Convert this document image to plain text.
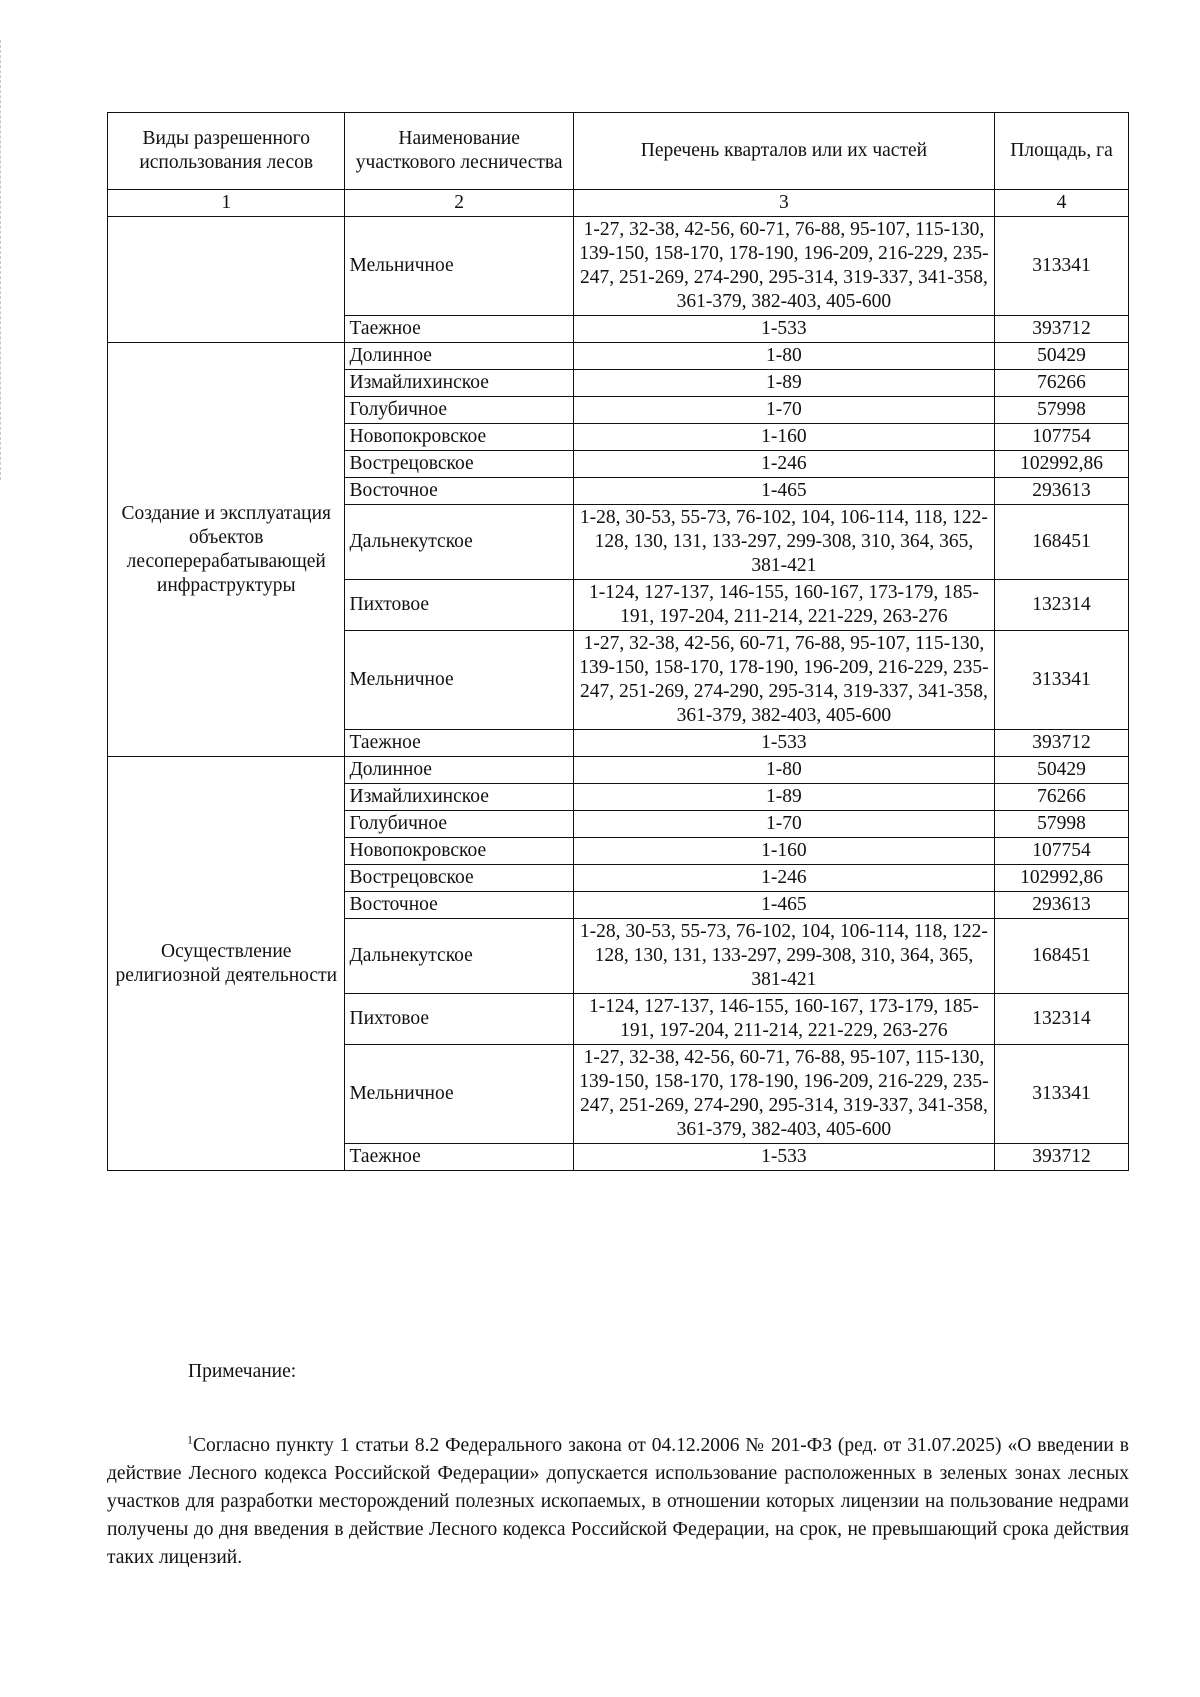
Виды разрешенного использования лесов	Наименование участкового лесничества	Перечень кварталов или их частей	Площадь, га
1	2	3	4
	Мельничное	1-27, 32-38, 42-56, 60-71, 76-88, 95-107, 115-130, 139-150, 158-170, 178-190, 196-209, 216-229, 235-247, 251-269, 274-290, 295-314, 319-337, 341-358, 361-379, 382-403, 405-600	313341
	Таежное	1-533	393712
Создание и эксплуатация объектов лесоперерабатывающей инфраструктуры	Долинное	1-80	50429
	Измайлихинское	1-89	76266
	Голубичное	1-70	57998
	Новопокровское	1-160	107754
	Вострецовское	1-246	102992,86
	Восточное	1-465	293613
	Дальнекутское	1-28, 30-53, 55-73, 76-102, 104, 106-114, 118, 122-128, 130, 131, 133-297, 299-308, 310, 364, 365, 381-421	168451
	Пихтовое	1-124, 127-137, 146-155, 160-167, 173-179, 185-191, 197-204, 211-214, 221-229, 263-276	132314
	Мельничное	1-27, 32-38, 42-56, 60-71, 76-88, 95-107, 115-130, 139-150, 158-170, 178-190, 196-209, 216-229, 235-247, 251-269, 274-290, 295-314, 319-337, 341-358, 361-379, 382-403, 405-600	313341
	Таежное	1-533	393712
Осуществление религиозной деятельности	Долинное	1-80	50429
	Измайлихинское	1-89	76266
	Голубичное	1-70	57998
	Новопокровское	1-160	107754
	Вострецовское	1-246	102992,86
	Восточное	1-465	293613
	Дальнекутское	1-28, 30-53, 55-73, 76-102, 104, 106-114, 118, 122-128, 130, 131, 133-297, 299-308, 310, 364, 365, 381-421	168451
	Пихтовое	1-124, 127-137, 146-155, 160-167, 173-179, 185-191, 197-204, 211-214, 221-229, 263-276	132314
	Мельничное	1-27, 32-38, 42-56, 60-71, 76-88, 95-107, 115-130, 139-150, 158-170, 178-190, 196-209, 216-229, 235-247, 251-269, 274-290, 295-314, 319-337, 341-358, 361-379, 382-403, 405-600	313341
	Таежное	1-533	393712
Примечание:

$^1$Согласно пункту 1 статьи 8.2 Федерального закона от 04.12.2006 № 201-ФЗ (ред. от 31.07.2025) «О введении в действие Лесного кодекса Российской Федерации» допускается использование расположенных в зеленых зонах лесных участков для разработки месторождений полезных ископаемых, в отношении которых лицензии на пользование недрами получены до дня введения в действие Лесного кодекса Российской Федерации, на срок, не превышающий срока действия таких лицензий.
